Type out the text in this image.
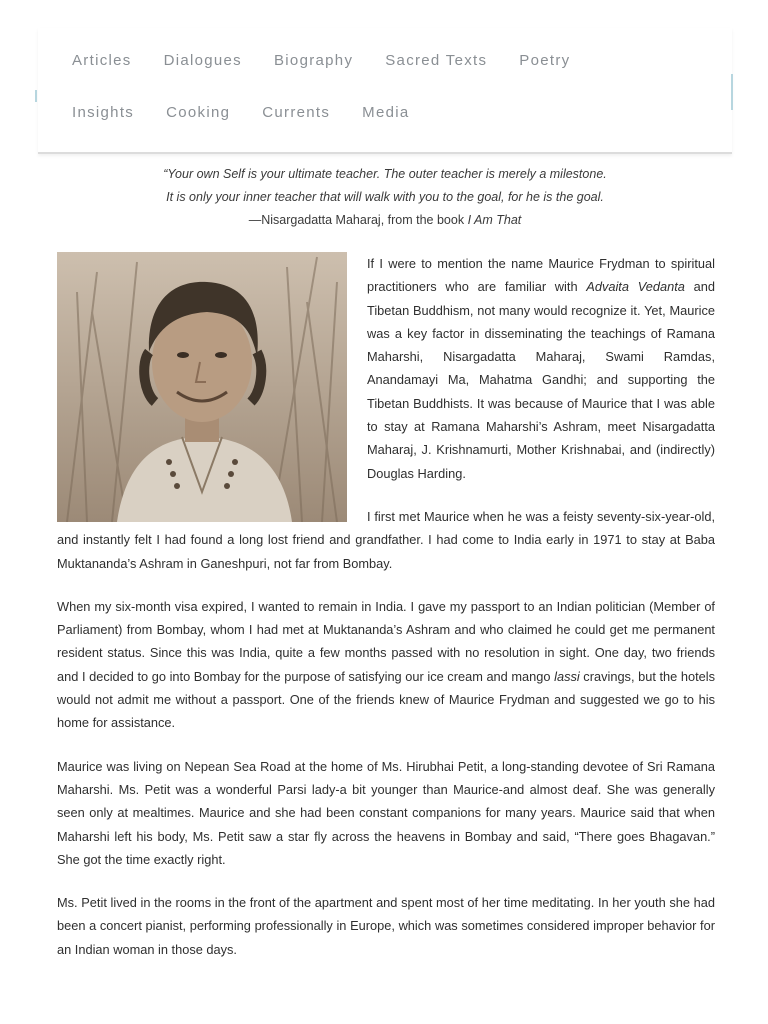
Articles Dialogues Biography Sacred Texts Poetry
Insights Cooking Currents Media
“Your own Self is your ultimate teacher. The outer teacher is merely a milestone.
It is only your inner teacher that will walk with you to the goal, for he is the goal.
—Nisargadatta Maharaj, from the book I Am That

If I were to mention the name Maurice Frydman to spiritual practitioners who are familiar with Advaita Vedanta and Tibetan Buddhism, not many would recognize it. Yet, Maurice was a key factor in disseminating the teachings of Ramana Maharshi, Nisargadatta Maharaj, Swami Ramdas, Anandamayi Ma, Mahatma Gandhi; and supporting the Tibetan Buddhists. It was because of Maurice that I was able to stay at Ramana Maharshi’s Ashram, meet Nisargadatta Maharaj, J. Krishnamurti, Mother Krishnabai, and (indirectly) Douglas Harding.

I first met Maurice when he was a feisty seventy-six-year-old, and instantly felt I had found a long lost friend and grandfather. I had come to India early in 1971 to stay at Baba Muktananda’s Ashram in Ganeshpuri, not far from Bombay.

When my six-month visa expired, I wanted to remain in India. I gave my passport to an Indian politician (Member of Parliament) from Bombay, whom I had met at Muktananda’s Ashram and who claimed he could get me permanent resident status. Since this was India, quite a few months passed with no resolution in sight. One day, two friends and I decided to go into Bombay for the purpose of satisfying our ice cream and mango lassi cravings, but the hotels would not admit me without a passport. One of the friends knew of Maurice Frydman and suggested we go to his home for assistance.

Maurice was living on Nepean Sea Road at the home of Ms. Hirubhai Petit, a long-standing devotee of Sri Ramana Maharshi. Ms. Petit was a wonderful Parsi lady-a bit younger than Maurice-and almost deaf. She was generally seen only at mealtimes. Maurice and she had been constant companions for many years. Maurice said that when Maharshi left his body, Ms. Petit saw a star fly across the heavens in Bombay and said, “There goes Bhagavan.” She got the time exactly right.

Ms. Petit lived in the rooms in the front of the apartment and spent most of her time meditating. In her youth she had been a concert pianist, performing professionally in Europe, which was sometimes considered improper behavior for an Indian woman in those days.
